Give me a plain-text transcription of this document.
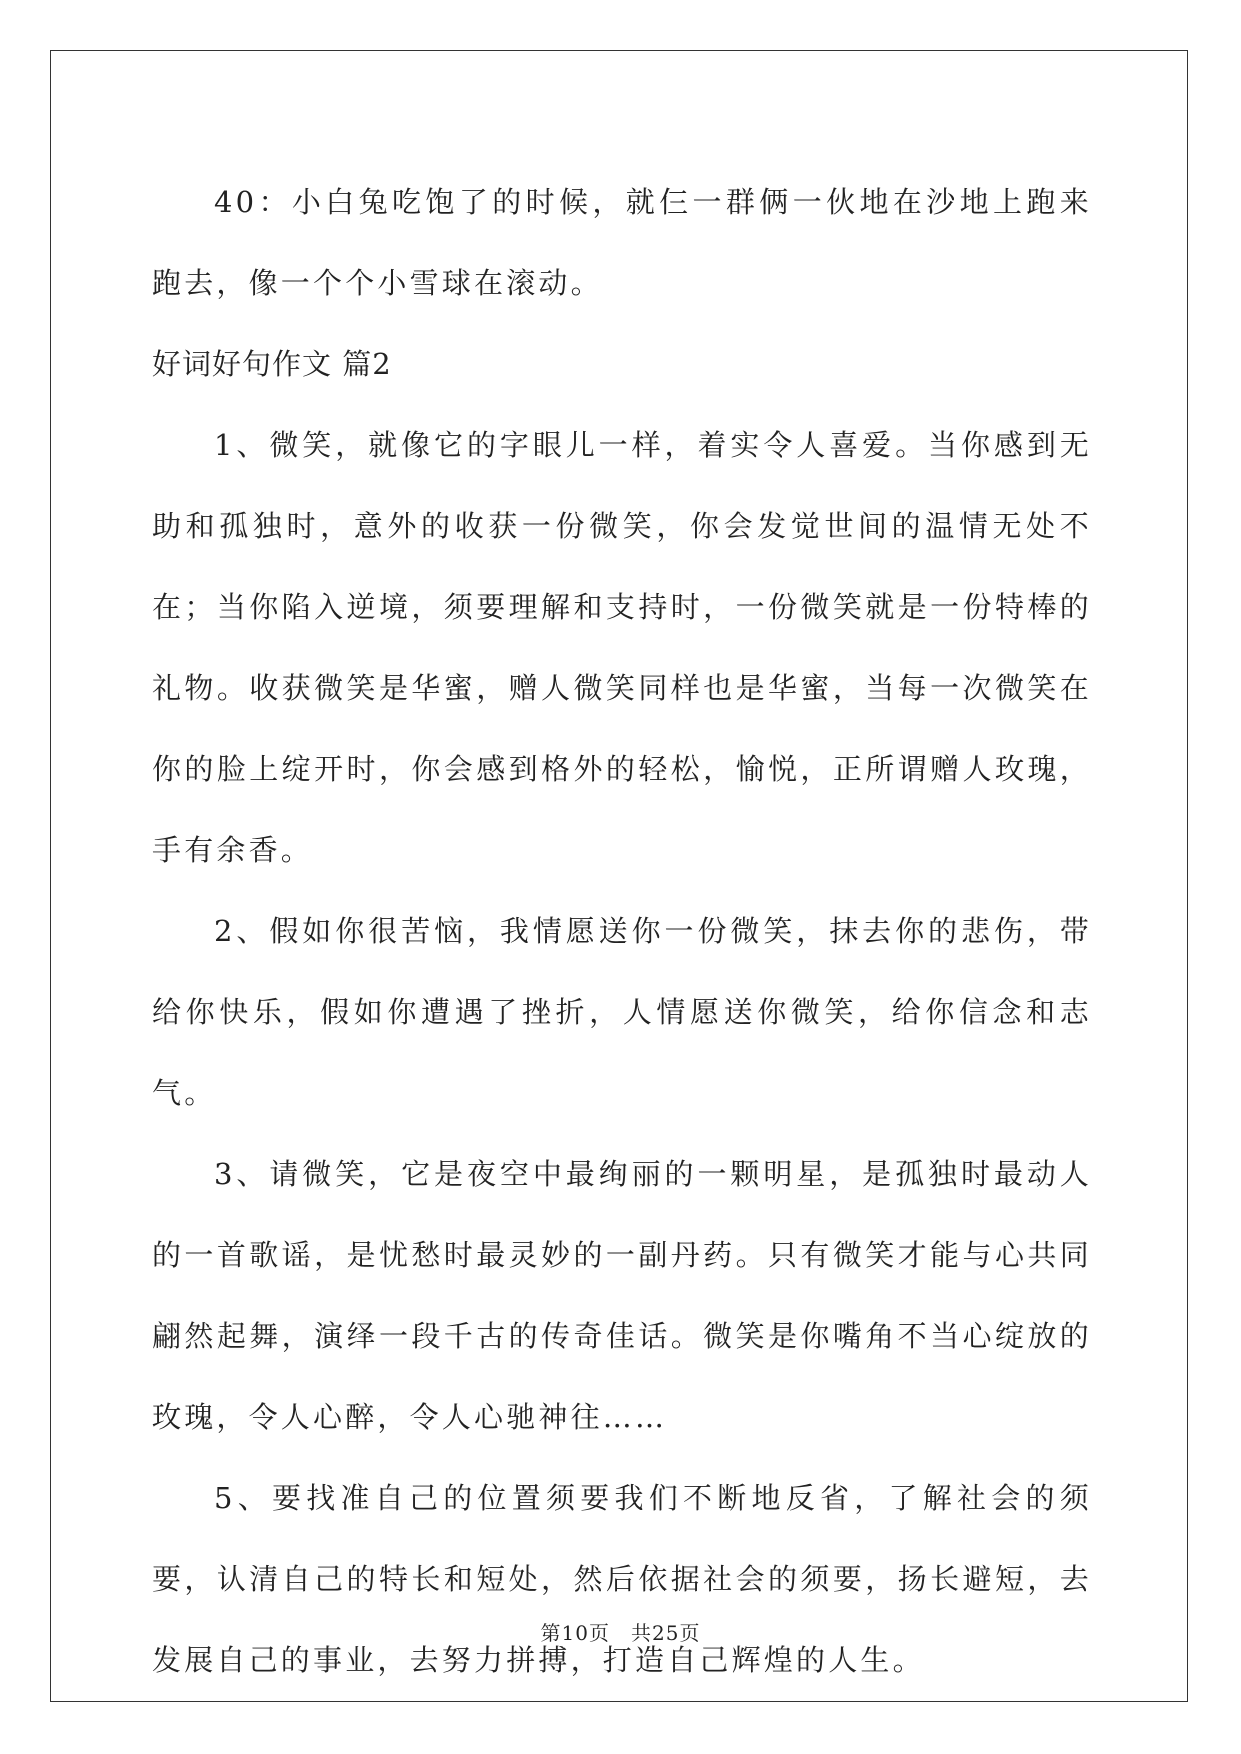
40：小白兔吃饱了的时候，就仨一群俩一伙地在沙地上跑来跑去，像一个个小雪球在滚动。

好词好句作文 篇2

1、微笑，就像它的字眼儿一样，着实令人喜爱。当你感到无助和孤独时，意外的收获一份微笑，你会发觉世间的温情无处不在；当你陷入逆境，须要理解和支持时，一份微笑就是一份特棒的礼物。收获微笑是华蜜，赠人微笑同样也是华蜜，当每一次微笑在你的脸上绽开时，你会感到格外的轻松，愉悦，正所谓赠人玫瑰，手有余香。

2、假如你很苦恼，我情愿送你一份微笑，抹去你的悲伤，带给你快乐，假如你遭遇了挫折，人情愿送你微笑，给你信念和志气。

3、请微笑，它是夜空中最绚丽的一颗明星，是孤独时最动人的一首歌谣，是忧愁时最灵妙的一副丹药。只有微笑才能与心共同翩然起舞，演绎一段千古的传奇佳话。微笑是你嘴角不当心绽放的玫瑰，令人心醉，令人心驰神往……

5、要找准自己的位置须要我们不断地反省，了解社会的须要，认清自己的特长和短处，然后依据社会的须要，扬长避短，去发展自己的事业，去努力拼搏，打造自己辉煌的人生。

第10页　共25页
